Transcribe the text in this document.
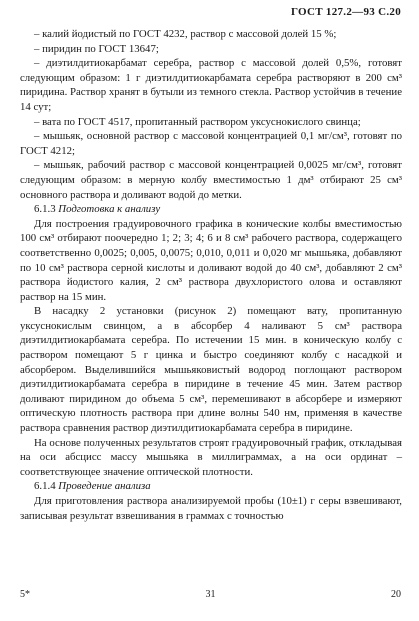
ГОСТ 127.2—93 С.20

– калий йодистый по ГОСТ 4232, раствор с массовой долей 15 %;

– пиридин по ГОСТ 13647;

– диэтилдитиокарбамат серебра, раствор с массовой долей 0,5%, готовят следующим образом: 1 г диэтилдитиокарбамата серебра растворяют в 200 см³ пиридина. Раствор хранят в бутыли из темного стекла. Раствор устойчив в течение 14 сут;

– вата по ГОСТ 4517, пропитанный раствором уксуснокислого свинца;

– мышьяк, основной раствор с массовой концентрацией 0,1 мг/см³, готовят по ГОСТ 4212;

– мышьяк, рабочий раствор с массовой концентрацией 0,0025 мг/см³, готовят следующим образом: в мерную колбу вместимостью 1 дм³ отбирают 25 см³ основного раствора и доливают водой до метки.

6.1.3 Подготовка к анализу

Для построения градуировочного графика в конические колбы вместимостью 100 см³ отбирают поочередно 1; 2; 3; 4; 6 и 8 см³ рабочего раствора, содержащего соответственно 0,0025; 0,005, 0,0075; 0,010, 0,011 и 0,020 мг мышьяка, добавляют по 10 см³ раствора серной кислоты и доливают водой до 40 см³, добавляют 2 см³ раствора йодистого калия, 2 см³ раствора двухлористого олова и оставляют раствор на 15 мин.

В насадку 2 установки (рисунок 2) помещают вату, пропитанную уксуснокислым свинцом, а в абсорбер 4 наливают 5 см³ раствора диэтилдитиокарбамата серебра. По истечении 15 мин. в коническую колбу с раствором помещают 5 г цинка и быстро соединяют колбу с насадкой и абсорбером. Выделившийся мышьяковистый водород поглощают раствором диэтилдитиокарбамата серебра в пиридине в течение 45 мин. Затем раствор доливают пиридином до объема 5 см³, перемешивают в абсорбере и измеряют оптическую плотность раствора при длине волны 540 нм, применяя в качестве раствора сравнения раствор диэтилдитиокарбамата серебра в пиридине.

На основе полученных результатов строят градуировочный график, откладывая на оси абсцисс массу мышьяка в миллиграммах, а на оси ординат – соответствующее значение оптической плотности.

6.1.4 Проведение анализа

Для приготовления раствора анализируемой пробы (10±1) г серы взвешивают, записывая результат взвешивания в граммах с точностью

5*	31	20
